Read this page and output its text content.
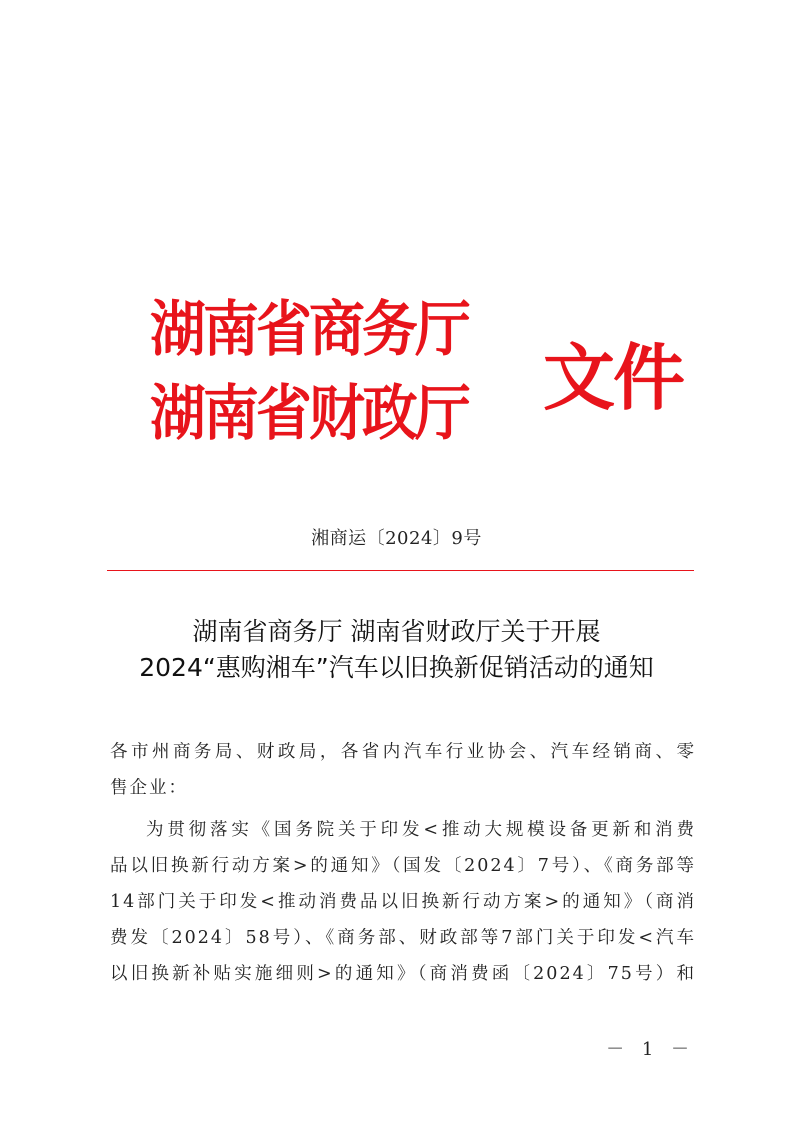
湖南省商务厅
湖南省财政厅 文件
湘商运〔2024〕9号
湖南省商务厅 湖南省财政厅关于开展
2024“惠购湘车”汽车以旧换新促销活动的通知
各市州商务局、财政局，各省内汽车行业协会、汽车经销商、零
售企业：
为贯彻落实《国务院关于印发<推动大规模设备更新和消费
品以旧换新行动方案>的通知》（国发〔2024〕7号）、《商务部等
14部门关于印发<推动消费品以旧换新行动方案>的通知》（商消
费发〔2024〕58号）、《商务部、财政部等7部门关于印发<汽车
以旧换新补贴实施细则>的通知》（商消费函〔2024〕75号）和
－ 1 －
